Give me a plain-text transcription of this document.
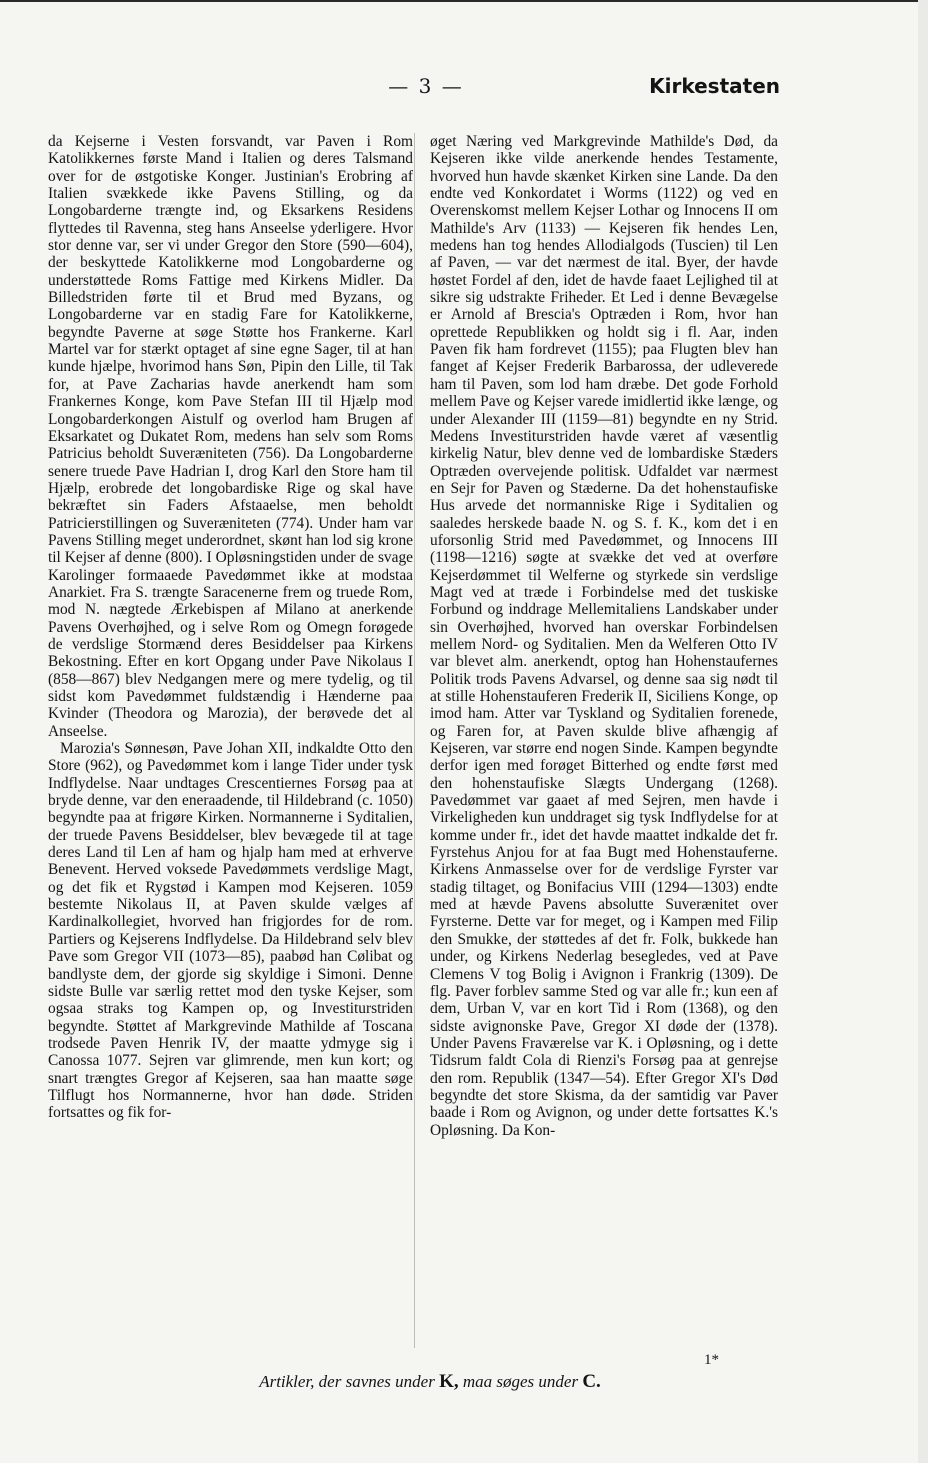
— 3 —	Kirkestaten

da Kejserne i Vesten forsvandt, var Paven i Rom Katolikkernes første Mand i Italien og deres Talsmand over for de østgotiske Konger. Justinian's Erobring af Italien svækkede ikke Pavens Stilling, og da Longobarderne trængte ind, og Eksarkens Residens flyttedes til Ravenna, steg hans Anseelse yderligere. Hvor stor denne var, ser vi under Gregor den Store (590—604), der beskyttede Katolikkerne mod Longobarderne og understøttede Roms Fattige med Kirkens Midler. Da Billedstriden førte til et Brud med Byzans, og Longobarderne var en stadig Fare for Katolikkerne, begyndte Paverne at søge Støtte hos Frankerne. Karl Martel var for stærkt optaget af sine egne Sager, til at han kunde hjælpe, hvorimod hans Søn, Pipin den Lille, til Tak for, at Pave Zacharias havde anerkendt ham som Frankernes Konge, kom Pave Stefan III til Hjælp mod Longobarderkongen Aistulf og overlod ham Brugen af Eksarkatet og Dukatet Rom, medens han selv som Roms Patricius beholdt Suveræniteten (756). Da Longobarderne senere truede Pave Hadrian I, drog Karl den Store ham til Hjælp, erobrede det longobardiske Rige og skal have bekræftet sin Faders Afstaaelse, men beholdt Patricierstillingen og Suveræniteten (774). Under ham var Pavens Stilling meget underordnet, skønt han lod sig krone til Kejser af denne (800). I Opløsningstiden under de svage Karolinger formaaede Pavedømmet ikke at modstaa Anarkiet. Fra S. trængte Saracenerne frem og truede Rom, mod N. nægtede Ærkebispen af Milano at anerkende Pavens Overhøjhed, og i selve Rom og Omegn forøgede de verdslige Stormænd deres Besiddelser paa Kirkens Bekostning. Efter en kort Opgang under Pave Nikolaus I (858—867) blev Nedgangen mere og mere tydelig, og til sidst kom Pavedømmet fuldstændig i Hænderne paa Kvinder (Theodora og Marozia), der berøvede det al Anseelse.

Marozia's Sønnesøn, Pave Johan XII, indkaldte Otto den Store (962), og Pavedømmet kom i lange Tider under tysk Indflydelse. Naar undtages Crescentiernes Forsøg paa at bryde denne, var den eneraadende, til Hildebrand (c. 1050) begyndte paa at frigøre Kirken. Normannerne i Syditalien, der truede Pavens Besiddelser, blev bevægede til at tage deres Land til Len af ham og hjalp ham med at erhverve Benevent. Herved voksede Pavedømmets verdslige Magt, og det fik et Rygstød i Kampen mod Kejseren. 1059 bestemte Nikolaus II, at Paven skulde vælges af Kardinalkollegiet, hvorved han frigjordes for de rom. Partiers og Kejserens Indflydelse. Da Hildebrand selv blev Pave som Gregor VII (1073—85), paabød han Cølibat og bandlyste dem, der gjorde sig skyldige i Simoni. Denne sidste Bulle var særlig rettet mod den tyske Kejser, som ogsaa straks tog Kampen op, og Investiturstriden begyndte. Støttet af Markgrevinde Mathilde af Toscana trodsede Paven Henrik IV, der maatte ydmyge sig i Canossa 1077. Sejren var glimrende, men kun kort; og snart trængtes Gregor af Kejseren, saa han maatte søge Tilflugt hos Normannerne, hvor han døde. Striden fortsattes og fik for-

øget Næring ved Markgrevinde Mathilde's Død, da Kejseren ikke vilde anerkende hendes Testamente, hvorved hun havde skænket Kirken sine Lande. Da den endte ved Konkordatet i Worms (1122) og ved en Overenskomst mellem Kejser Lothar og Innocens II om Mathilde's Arv (1133) — Kejseren fik hendes Len, medens han tog hendes Allodialgods (Tuscien) til Len af Paven, — var det nærmest de ital. Byer, der havde høstet Fordel af den, idet de havde faaet Lejlighed til at sikre sig udstrakte Friheder. Et Led i denne Bevægelse er Arnold af Brescia's Optræden i Rom, hvor han oprettede Republikken og holdt sig i fl. Aar, inden Paven fik ham fordrevet (1155); paa Flugten blev han fanget af Kejser Frederik Barbarossa, der udleverede ham til Paven, som lod ham dræbe. Det gode Forhold mellem Pave og Kejser varede imidlertid ikke længe, og under Alexander III (1159—81) begyndte en ny Strid. Medens Investiturstriden havde været af væsentlig kirkelig Natur, blev denne ved de lombardiske Stæders Optræden overvejende politisk. Udfaldet var nærmest en Sejr for Paven og Stæderne. Da det hohenstaufiske Hus arvede det normanniske Rige i Syditalien og saaledes herskede baade N. og S. f. K., kom det i en uforsonlig Strid med Pavedømmet, og Innocens III (1198—1216) søgte at svække det ved at overføre Kejserdømmet til Welferne og styrkede sin verdslige Magt ved at træde i Forbindelse med det tuskiske Forbund og inddrage Mellemitaliens Landskaber under sin Overhøjhed, hvorved han overskar Forbindelsen mellem Nord- og Syditalien. Men da Welferen Otto IV var blevet alm. anerkendt, optog han Hohenstaufernes Politik trods Pavens Advarsel, og denne saa sig nødt til at stille Hohenstauferen Frederik II, Siciliens Konge, op imod ham. Atter var Tyskland og Syditalien forenede, og Faren for, at Paven skulde blive afhængig af Kejseren, var større end nogen Sinde. Kampen begyndte derfor igen med forøget Bitterhed og endte først med den hohenstaufiske Slægts Undergang (1268). Pavedømmet var gaaet af med Sejren, men havde i Virkeligheden kun unddraget sig tysk Indflydelse for at komme under fr., idet det havde maattet indkalde det fr. Fyrstehus Anjou for at faa Bugt med Hohenstauferne. Kirkens Anmasselse over for de verdslige Fyrster var stadig tiltaget, og Bonifacius VIII (1294—1303) endte med at hævde Pavens absolutte Suverænitet over Fyrsterne. Dette var for meget, og i Kampen med Filip den Smukke, der støttedes af det fr. Folk, bukkede han under, og Kirkens Nederlag besegledes, ved at Pave Clemens V tog Bolig i Avignon i Frankrig (1309). De flg. Paver forblev samme Sted og var alle fr.; kun een af dem, Urban V, var en kort Tid i Rom (1368), og den sidste avignonske Pave, Gregor XI døde der (1378). Under Pavens Fraværelse var K. i Opløsning, og i dette Tidsrum faldt Cola di Rienzi's Forsøg paa at genrejse den rom. Republik (1347—54). Efter Gregor XI's Død begyndte det store Skisma, da der samtidig var Paver baade i Rom og Avignon, og under dette fortsattes K.'s Opløsning. Da Kon-

1*
Artikler, der savnes under K, maa søges under C.
